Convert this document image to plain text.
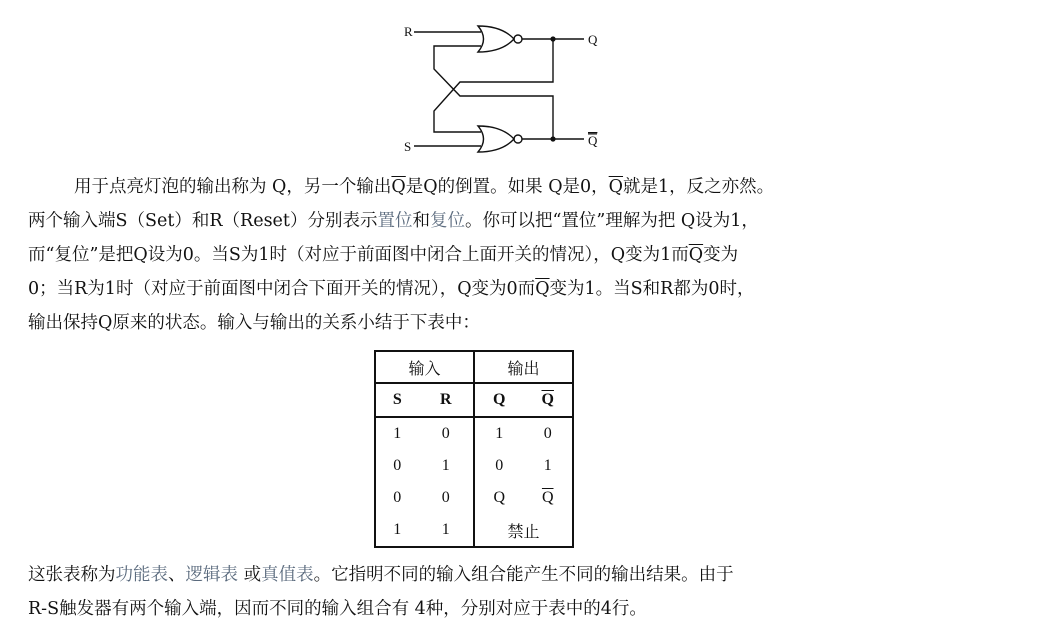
R
S
Q
Q
用于点亮灯泡的输出称为 Q，另一个输出$\overline{Q}$是Q的倒置。如果 Q是0，$\overline{Q}$就是1，反之亦然。
两个输入端S（Set）和R（Reset）分别表示置位和复位。你可以把“置位”理解为把 Q设为1，
而“复位”是把Q设为0。当S为1时（对应于前面图中闭合上面开关的情况），Q变为1而$\overline{Q}$变为
0；当R为1时（对应于前面图中闭合下面开关的情况），Q变为0而$\overline{Q}$变为1。当S和R都为0时，
输出保持Q原来的状态。输入与输出的关系小结于下表中：
输入		输出	
S	R	Q	$\overline{Q}$
1	0	1	0
0	1	0	1
0	0	Q	$\overline{Q}$
1	1	禁止	
这张表称为功能表、逻辑表 或真值表。它指明不同的输入组合能产生不同的输出结果。由于
R-S触发器有两个输入端，因而不同的输入组合有 4种，分别对应于表中的4行。
